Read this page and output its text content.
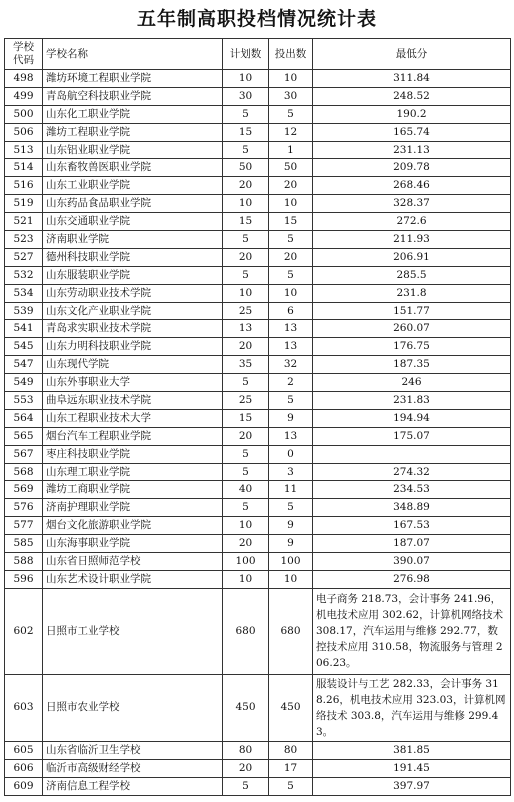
五年制高职投档情况统计表
学校
代码	学校名称	计划数	投出数	最低分
498	潍坊环境工程职业学院	10	10	311.84
499	青岛航空科技职业学院	30	30	248.52
500	山东化工职业学院	5	5	190.2
506	潍坊工程职业学院	15	12	165.74
513	山东铝业职业学院	5	1	231.13
514	山东畜牧兽医职业学院	50	50	209.78
516	山东工业职业学院	20	20	268.46
519	山东药品食品职业学院	10	10	328.37
521	山东交通职业学院	15	15	272.6
523	济南职业学院	5	5	211.93
527	德州科技职业学院	20	20	206.91
532	山东服装职业学院	5	5	285.5
534	山东劳动职业技术学院	10	10	231.8
539	山东文化产业职业学院	25	6	151.77
541	青岛求实职业技术学院	13	13	260.07
545	山东力明科技职业学院	20	13	176.75
547	山东现代学院	35	32	187.35
549	山东外事职业大学	5	2	246
553	曲阜远东职业技术学院	25	5	231.83
564	山东工程职业技术大学	15	9	194.94
565	烟台汽车工程职业学院	20	13	175.07
567	枣庄科技职业学院	5	0	
568	山东理工职业学院	5	3	274.32
569	潍坊工商职业学院	40	11	234.53
576	济南护理职业学院	5	5	348.89
577	烟台文化旅游职业学院	10	9	167.53
585	山东海事职业学院	20	9	187.07
588	山东省日照师范学校	100	100	390.07
596	山东艺术设计职业学院	10	10	276.98
602	日照市工业学校	680	680	电子商务 218.73，会计事务 241.96，机电技术应用 302.62，计算机网络技术 308.17，汽车运用与维修 292.77，数控技术应用 310.58，物流服务与管理 206.23。
603	日照市农业学校	450	450	服装设计与工艺 282.33，会计事务 318.26，机电技术应用 323.03，计算机网络技术 303.8，汽车运用与维修 299.43。
605	山东省临沂卫生学校	80	80	381.85
606	临沂市高级财经学校	20	17	191.45
609	济南信息工程学校	5	5	397.97
